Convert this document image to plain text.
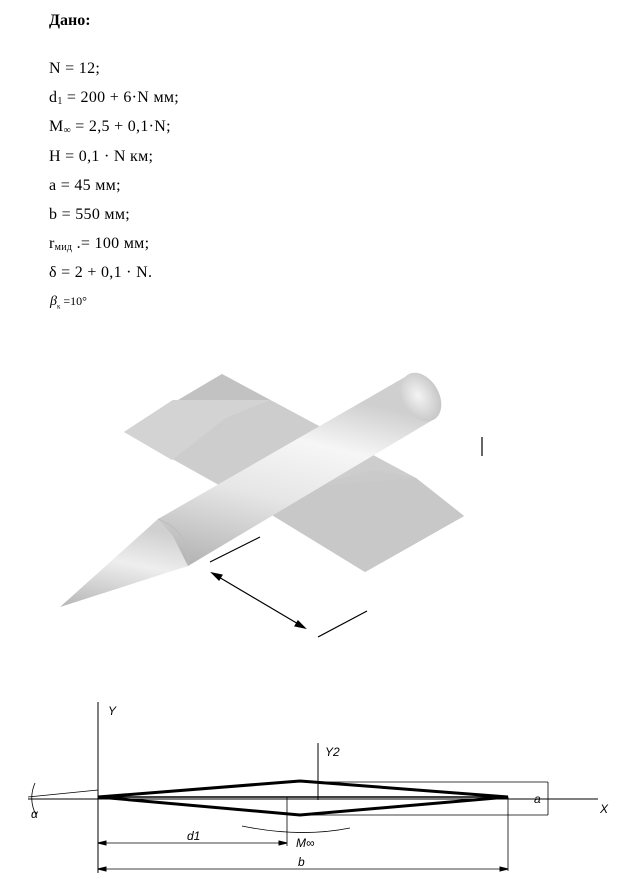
Дано:
N = 12;
$d_1 = 200 + 6\cdot N$ мм;
$M_\infty = 2,5 + 0,1\cdot N$;
H = 0,1 · N км;
a = 45 мм;
b = 550 мм;
$r_{мид}$ .= 100 мм;
δ = 2 + 0,1 · N.
$\beta_к =10^\circ$
Y
X
Y2
d1	M∞
b
a
α
